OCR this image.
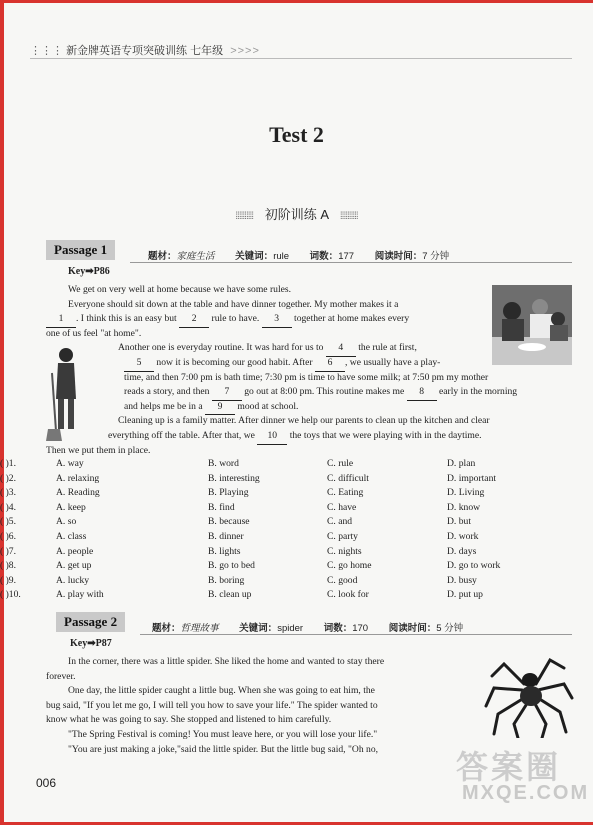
⋮⋮⋮ 新金牌英语专项突破训练 七年级 >>>>
Test 2
⁞⁞⁞⁞⁞⁞⁞⁞⁞⁞ 初阶训练 A ⁞⁞⁞⁞⁞⁞⁞⁞⁞⁞
Passage 1	题材：家庭生活 关键词：rule 词数：177 阅读时间：7 分钟
Key➡P86
We get on very well at home because we have some rules.
Everyone should sit down at the table and have dinner together. My mother makes it a
1 . I think this is an easy but 2 rule to have. 3 together at home makes every
one of us feel "at home".
Another one is everyday routine. It was hard for us to 4 the rule at first,
5 now it is becoming our good habit. After 6 , we usually have a play-
time, and then 7:00 pm is bath time; 7:30 pm is time to have some milk; at 7:50 pm my mother
reads a story, and then 7 go out at 8:00 pm. This routine makes me 8 early in the morning
and helps me be in a 9 mood at school.
Cleaning up is a family matter. After dinner we help our parents to clean up the kitchen and clear
everything off the table. After that, we 10 the toys that we were playing with in the daytime.
Then we put them in place.
( )1.	A. way	B. word	C. rule	D. plan
( )2.	A. relaxing	B. interesting	C. difficult	D. important
( )3.	A. Reading	B. Playing	C. Eating	D. Living
( )4.	A. keep	B. find	C. have	D. know
( )5.	A. so	B. because	C. and	D. but
( )6.	A. class	B. dinner	C. party	D. work
( )7.	A. people	B. lights	C. nights	D. days
( )8.	A. get up	B. go to bed	C. go home	D. go to work
( )9.	A. lucky	B. boring	C. good	D. busy
( )10.	A. play with	B. clean up	C. look for	D. put up
Passage 2	题材：哲理故事 关键词：spider 词数：170 阅读时间：5 分钟
Key➡P87
In the corner, there was a little spider. She liked the home and wanted to stay there
forever.
One day, the little spider caught a little bug. When she was going to eat him, the
bug said, "If you let me go, I will tell you how to save your life." The spider wanted to
know what he was going to say. She stopped and listened to him carefully.
"The Spring Festival is coming! You must leave here, or you will lose your life."
"You are just making a joke,"said the little spider. But the little bug said, "Oh no,
006	答案圈
MXQE.COM
